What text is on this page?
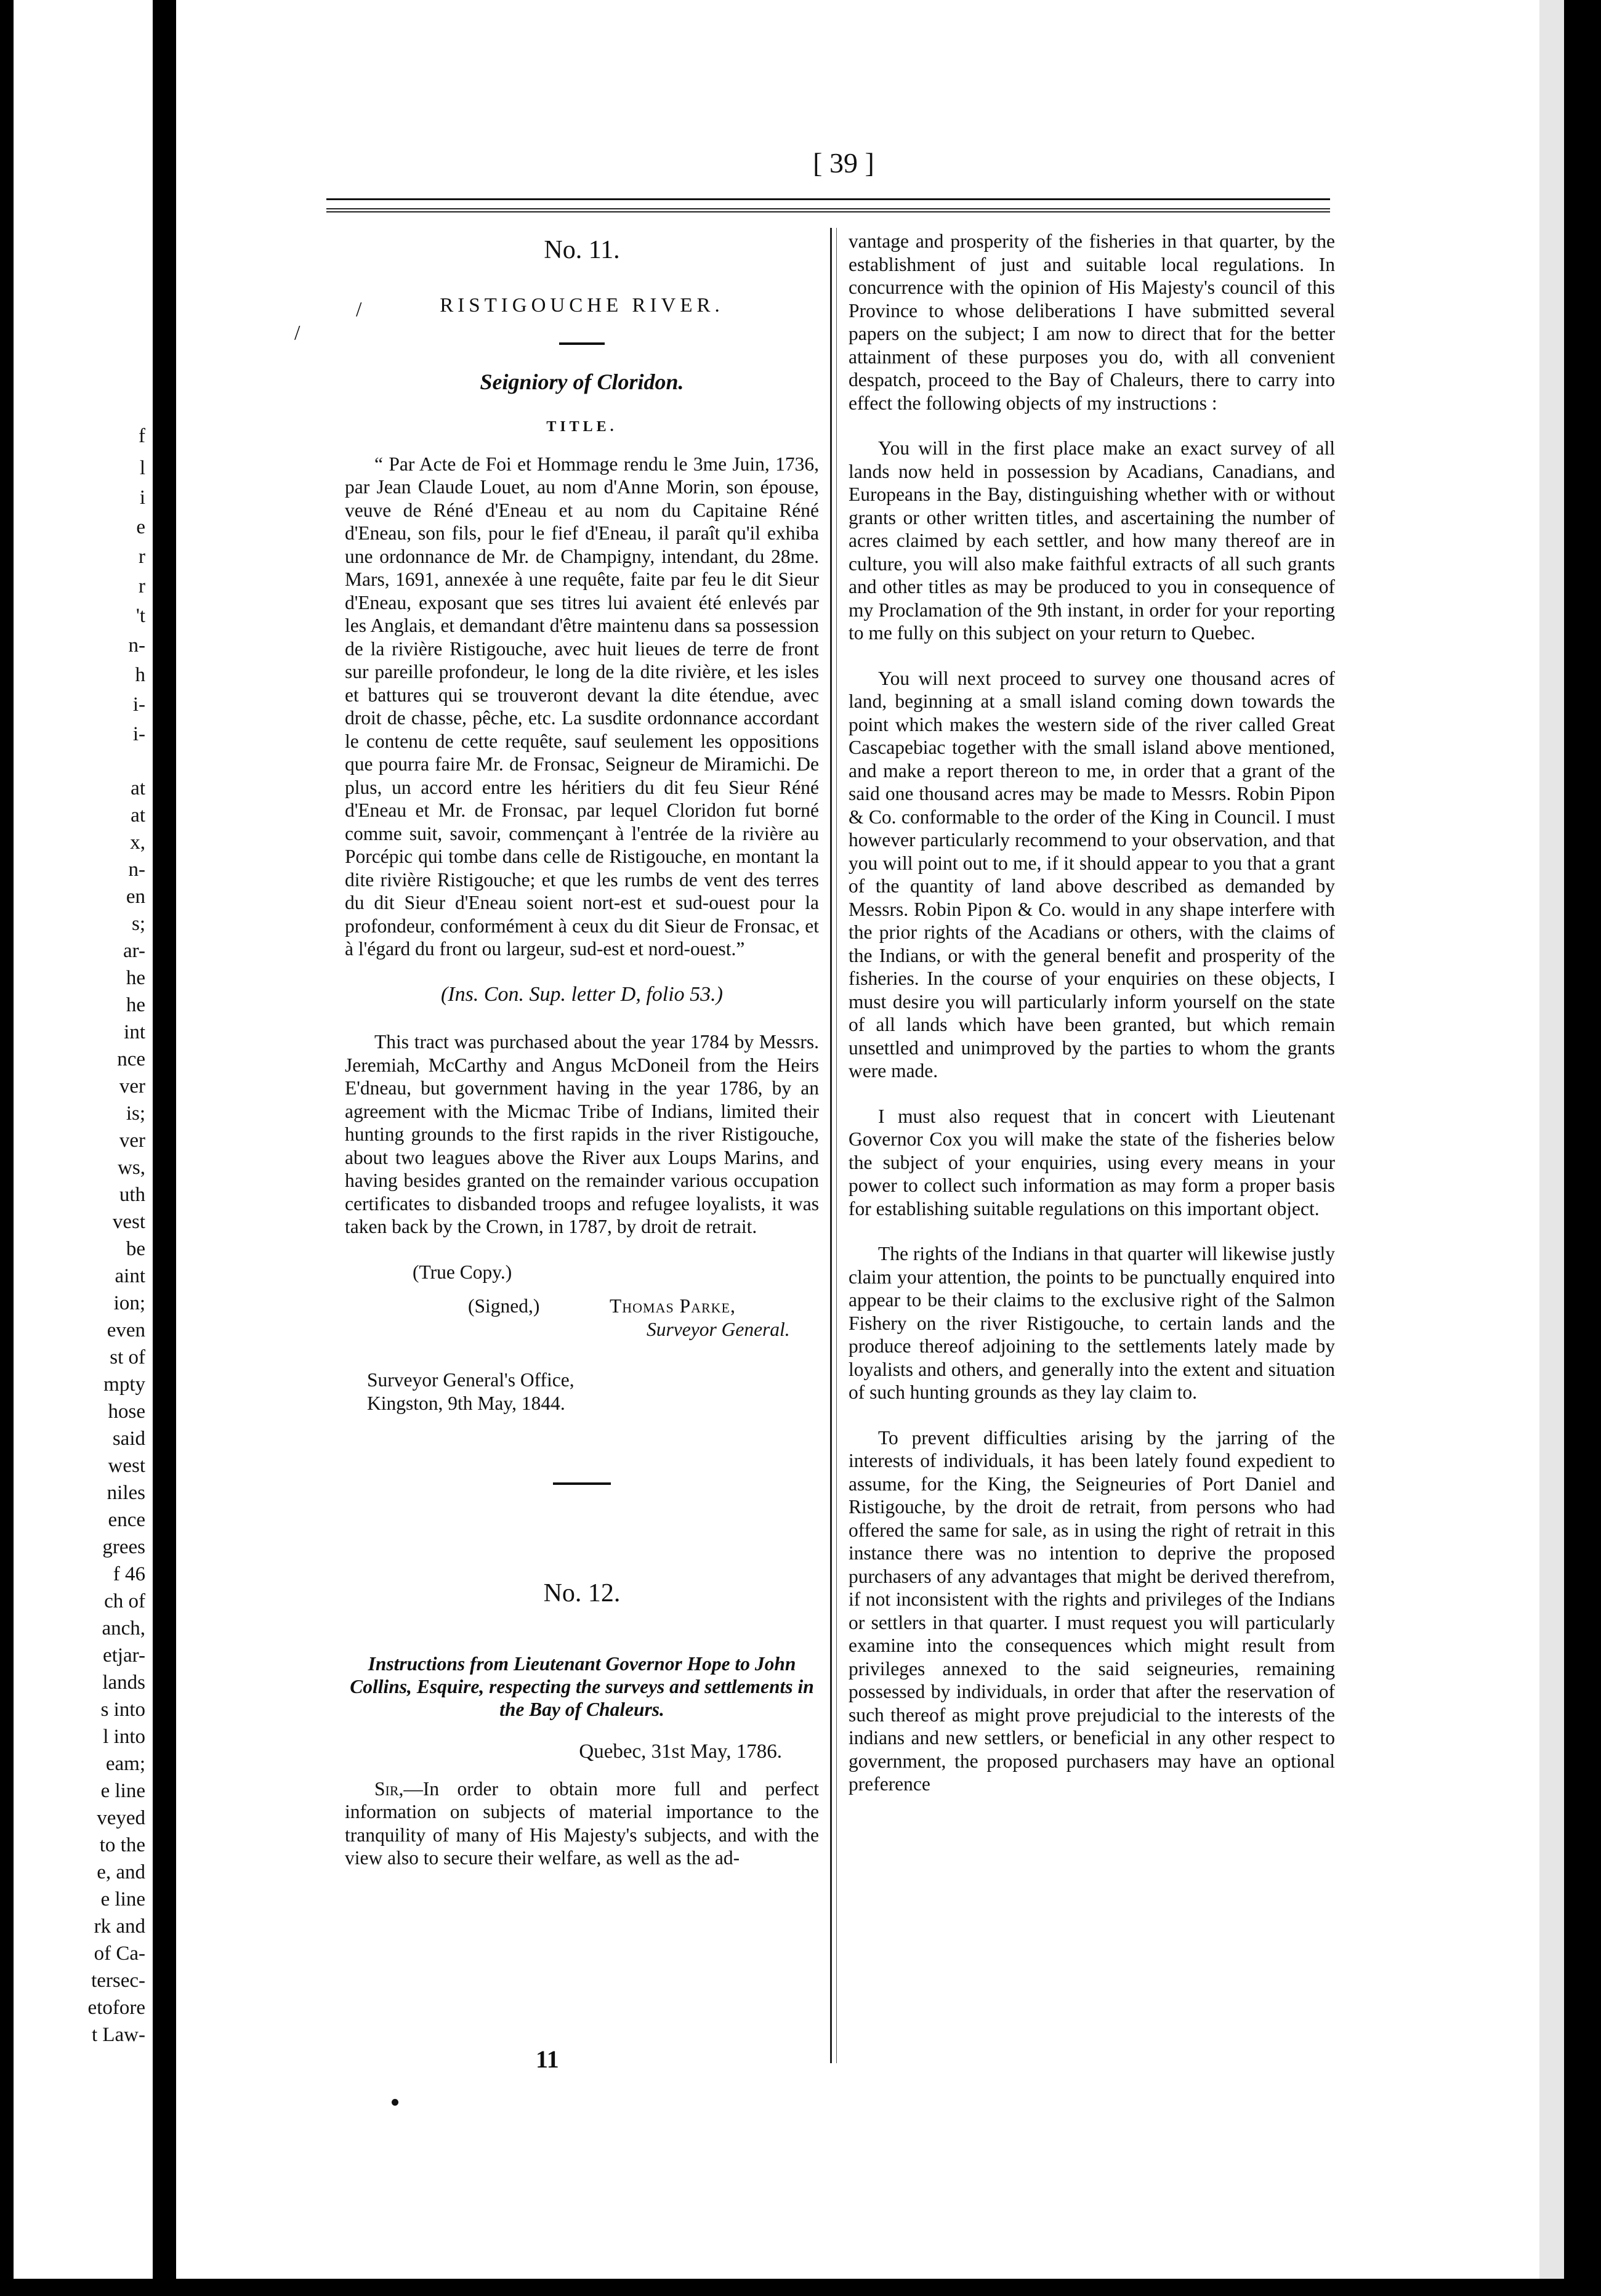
f
l
i
e
r
r
't
n-
h
i-
i-
at
at
x,
n-
en
s;
ar-
he
he
int
nce
ver
is;
ver
ws,
uth
vest
be
aint
ion;
even
st of
mpty
hose
said
west
niles
ence
grees
f 46
ch of
anch,
etjar-
lands
s into
l into
eam;
e line
veyed
to the
e, and
e line
rk and
of Ca-
tersec-
etofore
t Law-
[ 39 ]
/
/
No. 11.
RISTIGOUCHE RIVER.
Seigniory of Cloridon.
TITLE.

“ Par Acte de Foi et Hommage rendu le 3me Juin, 1736, par Jean Claude Louet, au nom d'Anne Morin, son épouse, veuve de Réné d'Eneau et au nom du Capitaine Réné d'Eneau, son fils, pour le fief d'Eneau, il paraît qu'il exhiba une ordonnance de Mr. de Champigny, intendant, du 28me. Mars, 1691, annexée à une requête, faite par feu le dit Sieur d'Eneau, exposant que ses titres lui avaient été enlevés par les Anglais, et demandant d'être maintenu dans sa possession de la rivière Ristigouche, avec huit lieues de terre de front sur pareille profondeur, le long de la dite rivière, et les isles et battures qui se trouveront devant la dite étendue, avec droit de chasse, pêche, etc. La susdite ordonnance accordant le contenu de cette requête, sauf seulement les oppositions que pourra faire Mr. de Fronsac, Seigneur de Miramichi. De plus, un accord entre les héritiers du dit feu Sieur Réné d'Eneau et Mr. de Fronsac, par lequel Cloridon fut borné comme suit, savoir, commençant à l'entrée de la rivière au Porcépic qui tombe dans celle de Ristigouche, en montant la dite rivière Ristigouche; et que les rumbs de vent des terres du dit Sieur d'Eneau soient nort-est et sud-ouest pour la profondeur, conformément à ceux du dit Sieur de Fronsac, et à l'égard du front ou largeur, sud-est et nord-ouest.”

(Ins. Con. Sup. letter D, folio 53.)

This tract was purchased about the year 1784 by Messrs. Jeremiah, McCarthy and Angus McDoneil from the Heirs E'dneau, but government having in the year 1786, by an agreement with the Micmac Tribe of Indians, limited their hunting grounds to the first rapids in the river Ristigouche, about two leagues above the River aux Loups Marins, and having besides granted on the remainder various occupation certificates to disbanded troops and refugee loyalists, it was taken back by the Crown, in 1787, by droit de retrait.

(True Copy.)
(Signed,)	Thomas Parke,
Surveyor General.
Surveyor General's Office,
Kingston, 9th May, 1844.
No. 12.
Instructions from Lieutenant Governor Hope to John Collins, Esquire, respecting the surveys and settlements in the Bay of Chaleurs.
Quebec, 31st May, 1786.

Sir,—In order to obtain more full and perfect information on subjects of material importance to the tranquility of many of His Majesty's subjects, and with the view also to secure their welfare, as well as the ad-

vantage and prosperity of the fisheries in that quarter, by the establishment of just and suitable local regulations. In concurrence with the opinion of His Majesty's council of this Province to whose deliberations I have submitted several papers on the subject; I am now to direct that for the better attainment of these purposes you do, with all convenient despatch, proceed to the Bay of Chaleurs, there to carry into effect the following objects of my instructions :

You will in the first place make an exact survey of all lands now held in possession by Acadians, Canadians, and Europeans in the Bay, distinguishing whether with or without grants or other written titles, and ascertaining the number of acres claimed by each settler, and how many thereof are in culture, you will also make faithful extracts of all such grants and other titles as may be produced to you in consequence of my Proclamation of the 9th instant, in order for your reporting to me fully on this subject on your return to Quebec.

You will next proceed to survey one thousand acres of land, beginning at a small island coming down towards the point which makes the western side of the river called Great Cascapebiac together with the small island above mentioned, and make a report thereon to me, in order that a grant of the said one thousand acres may be made to Messrs. Robin Pipon & Co. conformable to the order of the King in Council. I must however particularly recommend to your observation, and that you will point out to me, if it should appear to you that a grant of the quantity of land above described as demanded by Messrs. Robin Pipon & Co. would in any shape interfere with the prior rights of the Acadians or others, with the claims of the Indians, or with the general benefit and prosperity of the fisheries. In the course of your enquiries on these objects, I must desire you will particularly inform yourself on the state of all lands which have been granted, but which remain unsettled and unimproved by the parties to whom the grants were made.

I must also request that in concert with Lieutenant Governor Cox you will make the state of the fisheries below the subject of your enquiries, using every means in your power to collect such information as may form a proper basis for establishing suitable regulations on this important object.

The rights of the Indians in that quarter will likewise justly claim your attention, the points to be punctually enquired into appear to be their claims to the exclusive right of the Salmon Fishery on the river Ristigouche, to certain lands and the produce thereof adjoining to the settlements lately made by loyalists and others, and generally into the extent and situation of such hunting grounds as they lay claim to.

To prevent difficulties arising by the jarring of the interests of individuals, it has been lately found expedient to assume, for the King, the Seigneuries of Port Daniel and Ristigouche, by the droit de retrait, from persons who had offered the same for sale, as in using the right of retrait in this instance there was no intention to deprive the proposed purchasers of any advantages that might be derived therefrom, if not inconsistent with the rights and privileges of the Indians or settlers in that quarter. I must request you will particularly examine into the consequences which might result from privileges annexed to the said seigneuries, remaining possessed by individuals, in order that after the reservation of such thereof as might prove prejudicial to the interests of the indians and new settlers, or beneficial in any other respect to government, the proposed purchasers may have an optional preference

11
